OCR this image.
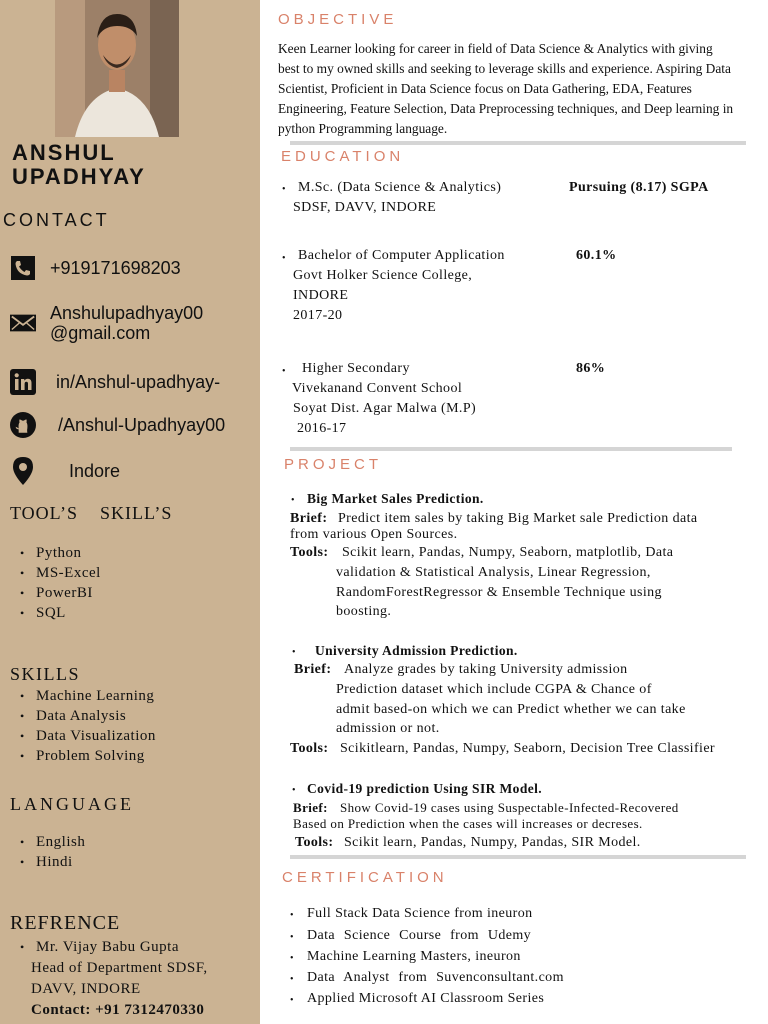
ANSHUL
UPADHYAY
CONTACT
+919171698203
Anshulupadhyay00
@gmail.com
in/Anshul-upadhyay-
/Anshul-Upadhyay00
Indore
TOOL’S    SKILL’S
• Python
• MS-Excel
• PowerBI
• SQL
SKILLS
• Machine Learning
• Data Analysis
• Data Visualization
• Problem Solving
LANGUAGE
• English
• Hindi
REFRENCE
• Mr. Vijay Babu Gupta
Head of Department SDSF,
DAVV, INDORE
Contact: +91 7312470330
OBJECTIVE
Keen Learner looking for career in field of Data Science & Analytics with giving
best to my owned skills and seeking to leverage skills and experience. Aspiring Data
Scientist, Proficient in Data Science focus on Data Gathering, EDA, Features
Engineering, Feature Selection, Data Preprocessing techniques, and Deep learning in
python Programming language.
EDUCATION
• M.Sc. (Data Science & Analytics)	Pursuing (8.17) SGPA
SDSF, DAVV, INDORE
• Bachelor of Computer Application	60.1%
Govt Holker Science College,
INDORE
2017-20
• Higher Secondary	86%
Vivekanand Convent School
Soyat Dist. Agar Malwa (M.P)
2016-17
PROJECT
• Big Market Sales Prediction.
Brief: Predict item sales by taking Big Market sale Prediction data
from various Open Sources.
Tools: Scikit learn, Pandas, Numpy, Seaborn, matplotlib, Data
validation & Statistical Analysis, Linear Regression,
RandomForestRegressor & Ensemble Technique using
boosting.
• University Admission Prediction.
Brief: Analyze grades by taking University admission
Prediction dataset which include CGPA & Chance of
admit based-on which we can Predict whether we can take
admission or not.
Tools: Scikitlearn, Pandas, Numpy, Seaborn, Decision Tree Classifier
• Covid-19 prediction Using SIR Model.
Brief: Show Covid-19 cases using Suspectable-Infected-Recovered
Based on Prediction when the cases will increases or decreses.
Tools: Scikit learn, Pandas, Numpy, Pandas, SIR Model.
CERTIFICATION
• Full Stack Data Science from ineuron
• Data Science Course from Udemy
• Machine Learning Masters, ineuron
• Data Analyst from Suvenconsultant.com
• Applied Microsoft AI Classroom Series
